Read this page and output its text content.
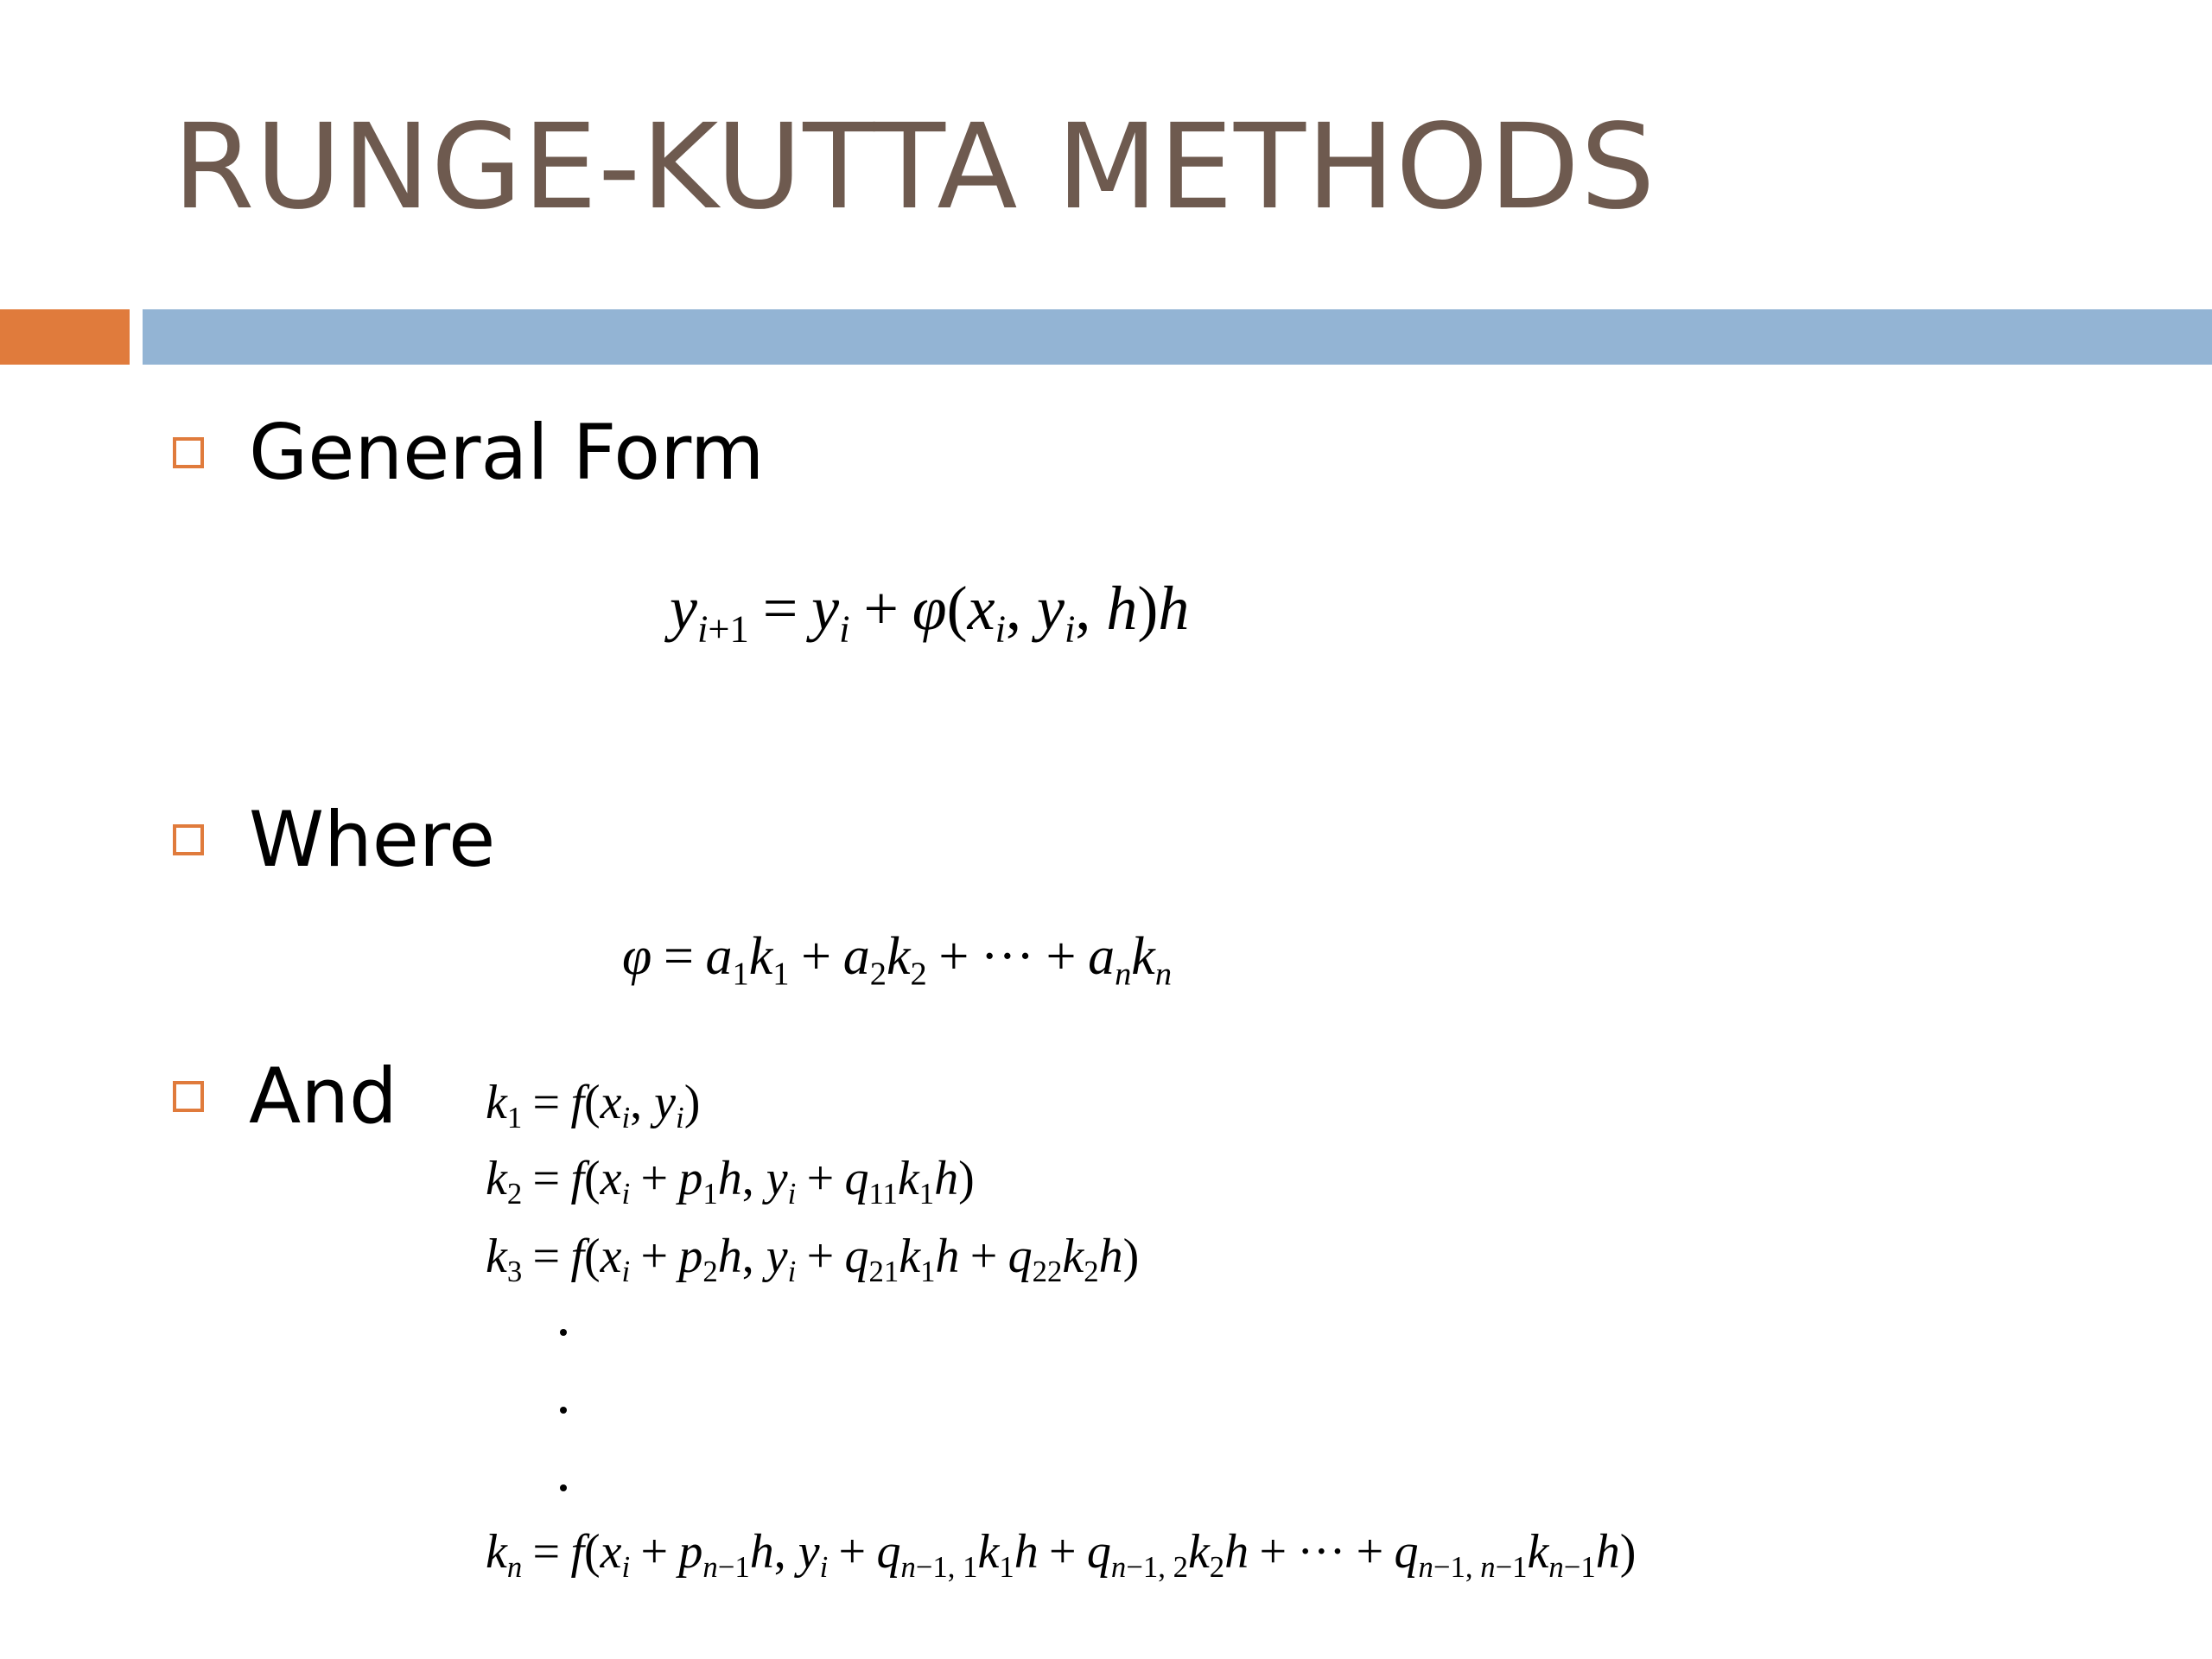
RUNGE-KUTTA METHODS
General Form
$y_{i+1} = y_i + \varphi(x_i$, $y_i$, h)h
Where
$\varphi = a_1k_1 + a_2k_2$ + ··· + $a_nk_n$
And $k_1 = f(x_i$, $y_i$)
$k_2 = f(x_i + p_1h$, $y_i + q_{11}k_1h$)
$k_3 = f(x_i + p_2h$, $y_i + q_{21}k_1h + q_{22}k_2h$)
$k_n = f(x_i + p_{n-1}h$, $y_i + q_{n-1, 1}k_1h + q_{n-1, 2}k_2h$ + ··· + $q_{n-1, n-1}k_{n-1}h$)
